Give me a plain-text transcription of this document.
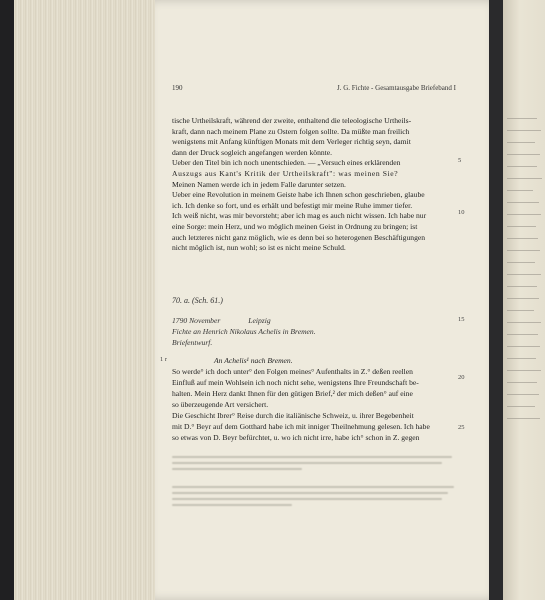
190	J. G. Fichte - Gesamtausgabe Briefeband I
tische Urtheilskraft, während der zweite, enthaltend die teleologische Urtheils-
kraft, dann nach meinem Plane zu Ostern folgen sollte. Da müßte man freilich
wenigstens mit Anfang künftigen Monats mit dem Verleger richtig seyn, damit
dann der Druck sogleich angefangen werden könnte.
Ueber den Titel bin ich noch unentschieden. — „Versuch eines erklärenden
Auszugs aus Kant's Kritik der Urtheilskraft": was meinen Sie?
Meinen Namen werde ich in jedem Falle darunter setzen.
Ueber eine Revolution in meinem Geiste habe ich Ihnen schon geschrieben, glaube
ich. Ich denke so fort, und es erhält und befestigt mir meine Ruhe immer tiefer.
Ich weiß nicht, was mir bevorsteht; aber ich mag es auch nicht wissen. Ich habe nur
eine Sorge: mein Herz, und wo möglich meinen Geist in Ordnung zu bringen; ist
auch letzteres nicht ganz möglich, wie es denn bei so heterogenen Beschäftigungen
nicht möglich ist, nun wohl; so ist es nicht meine Schuld.
5
10
15
20
25
70. a. (Sch. 61.)
1790 November	Leipzig
Fichte an Henrich Nikolaus Achelis in Bremen.
Briefentwurf.
1 r	An Achelis¹ nach Bremen.
So werde° ich doch unter° den Folgen meines° Aufenthalts in Z.° deßen reellen
Einfluß auf mein Wohlsein ich noch nicht sehe, wenigstens Ihre Freundschaft be-
halten. Mein Herz dankt Ihnen für den gütigen Brief,² der mich deßen° auf eine
so überzeugende Art versichert.
Die Geschicht Ibrer° Reise durch die italiänische Schweiz, u. ihrer Begebenheit
mit D.° Beyr auf dem Gotthard habe ich mit inniger Theilnehmung gelesen. Ich habe
so etwas von D. Beyr befürchtet, u. wo ich nicht irre, habe ich° schon in Z. gegen
